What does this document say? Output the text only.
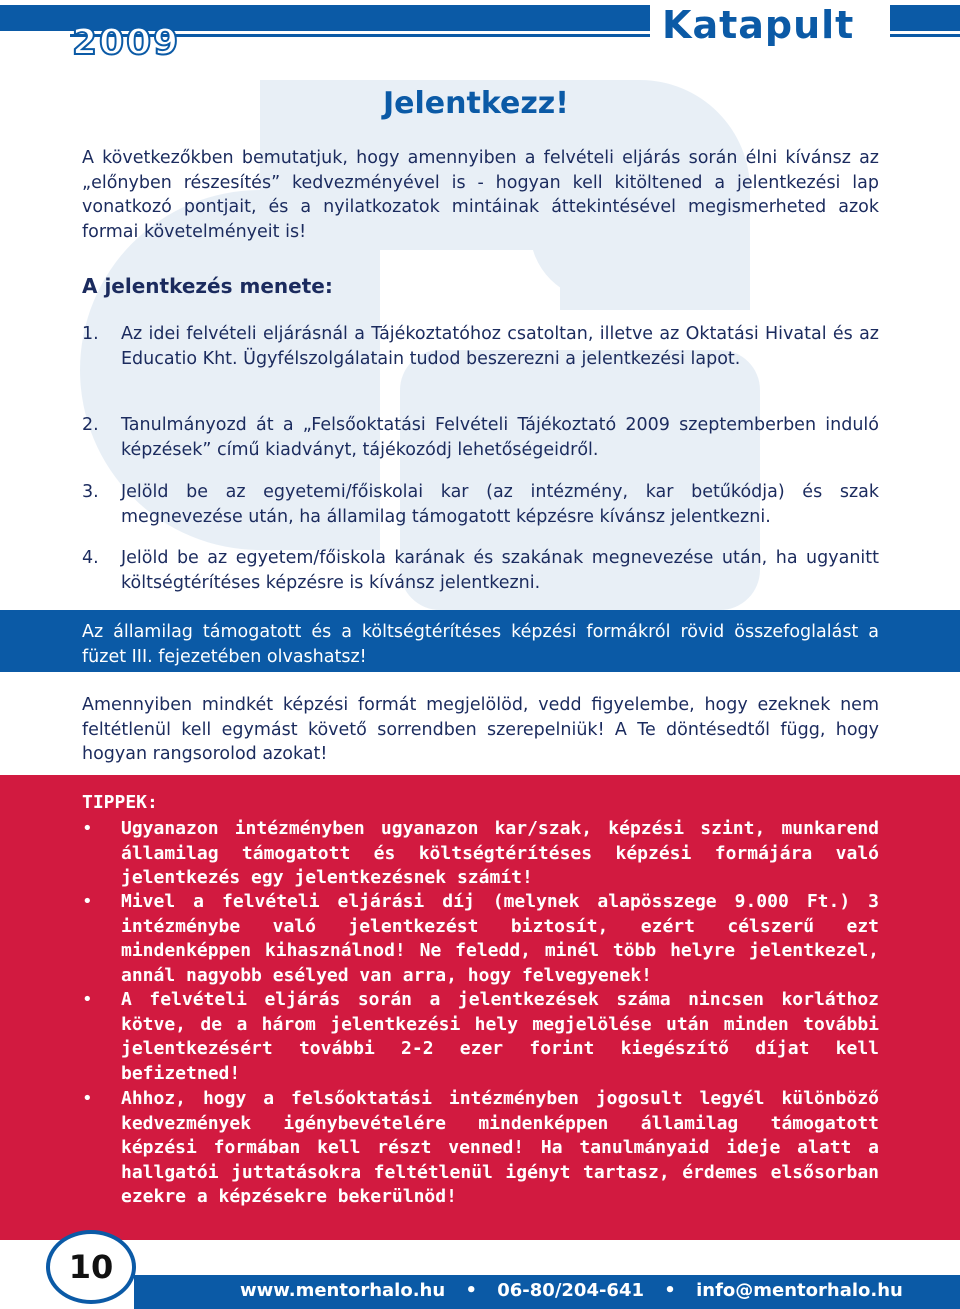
2009	Katapult
Jelentkezz!
A következőkben bemutatjuk, hogy amennyiben a felvételi eljárás során élni kívánsz az „előnyben részesítés” kedvezményével is - hogyan kell kitöltened a jelentkezési lap vonatkozó pontjait, és a nyilatkozatok mintáinak áttekintésével megismerheted azok formai követelményeit is!
A jelentkezés menete:
1. Az idei felvételi eljárásnál a Tájékoztatóhoz csatoltan, illetve az Oktatási Hivatal és az Educatio Kht. Ügyfélszolgálatain tudod beszerezni a jelentkezési lapot.
2. Tanulmányozd át a „Felsőoktatási Felvételi Tájékoztató 2009 szeptemberben induló képzések” című kiadványt, tájékozódj lehetőségeidről.
3. Jelöld be az egyetemi/főiskolai kar (az intézmény, kar betűkódja) és szak megnevezése után, ha államilag támogatott képzésre kívánsz jelentkezni.
4. Jelöld be az egyetem/főiskola karának és szakának megnevezése után, ha ugyanitt költségtérítéses képzésre is kívánsz jelentkezni.
Az államilag támogatott és a költségtérítéses képzési formákról rövid összefoglalást a füzet III. fejezetében olvashatsz!
Amennyiben mindkét képzési formát megjelölöd, vedd figyelembe, hogy ezeknek nem feltétlenül kell egymást követő sorrendben szerepelniük! A Te döntésedtől függ, hogy hogyan rangsorolod azokat!
TIPPEK:
• Ugyanazon intézményben ugyanazon kar/szak, képzési szint, munkarend államilag támogatott és költségtérítéses képzési formájára való jelentkezés egy jelentkezésnek számít!
• Mivel a felvételi eljárási díj (melynek alapösszege 9.000 Ft.) 3 intézménybe való jelentkezést biztosít, ezért célszerű ezt mindenképpen kihasználnod! Ne feledd, minél több helyre jelentkezel, annál nagyobb esélyed van arra, hogy felvegyenek!
• A felvételi eljárás során a jelentkezések száma nincsen korláthoz kötve, de a három jelentkezési hely megjelölése után minden további jelentkezésért további 2-2 ezer forint kiegészítő díjat kell befizetned!
• Ahhoz, hogy a felsőoktatási intézményben jogosult legyél különböző kedvezmények igénybevételére mindenképpen államilag támogatott képzési formában kell részt venned! Ha tanulmányaid ideje alatt a hallgatói juttatásokra feltétlenül igényt tartasz, érdemes elsősorban ezekre a képzésekre bekerülnöd!
www.mentorhalo.hu • 06-80/204-641 • info@mentorhalo.hu
10
